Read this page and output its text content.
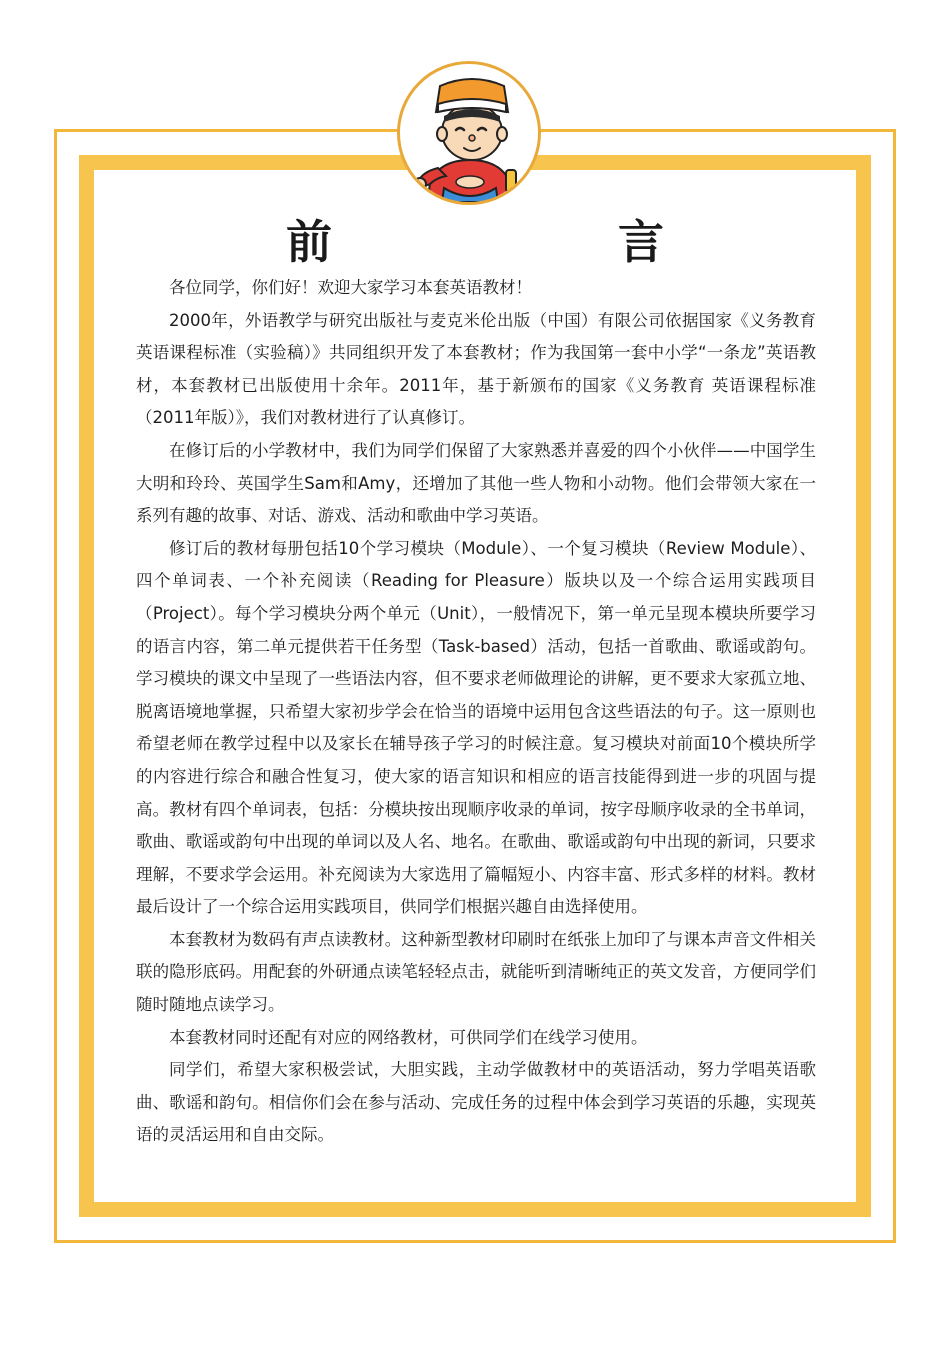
前　言

各位同学，你们好！欢迎大家学习本套英语教材！

2000年，外语教学与研究出版社与麦克米伦出版（中国）有限公司依据国家《义务教育 英语课程标准（实验稿）》共同组织开发了本套教材；作为我国第一套中小学“一条龙”英语教材，本套教材已出版使用十余年。2011年，基于新颁布的国家《义务教育 英语课程标准（2011年版）》，我们对教材进行了认真修订。

在修订后的小学教材中，我们为同学们保留了大家熟悉并喜爱的四个小伙伴——中国学生大明和玲玲、英国学生Sam和Amy，还增加了其他一些人物和小动物。他们会带领大家在一系列有趣的故事、对话、游戏、活动和歌曲中学习英语。

修订后的教材每册包括10个学习模块（Module）、一个复习模块（Review Module）、四个单词表、一个补充阅读（Reading for Pleasure）版块以及一个综合运用实践项目（Project）。每个学习模块分两个单元（Unit），一般情况下，第一单元呈现本模块所要学习的语言内容，第二单元提供若干任务型（Task-based）活动，包括一首歌曲、歌谣或韵句。学习模块的课文中呈现了一些语法内容，但不要求老师做理论的讲解，更不要求大家孤立地、脱离语境地掌握，只希望大家初步学会在恰当的语境中运用包含这些语法的句子。这一原则也希望老师在教学过程中以及家长在辅导孩子学习的时候注意。复习模块对前面10个模块所学的内容进行综合和融合性复习，使大家的语言知识和相应的语言技能得到进一步的巩固与提高。教材有四个单词表，包括：分模块按出现顺序收录的单词，按字母顺序收录的全书单词，歌曲、歌谣或韵句中出现的单词以及人名、地名。在歌曲、歌谣或韵句中出现的新词，只要求理解，不要求学会运用。补充阅读为大家选用了篇幅短小、内容丰富、形式多样的材料。教材最后设计了一个综合运用实践项目，供同学们根据兴趣自由选择使用。

本套教材为数码有声点读教材。这种新型教材印刷时在纸张上加印了与课本声音文件相关联的隐形底码。用配套的外研通点读笔轻轻点击，就能听到清晰纯正的英文发音，方便同学们随时随地点读学习。

本套教材同时还配有对应的网络教材，可供同学们在线学习使用。

同学们，希望大家积极尝试，大胆实践，主动学做教材中的英语活动，努力学唱英语歌曲、歌谣和韵句。相信你们会在参与活动、完成任务的过程中体会到学习英语的乐趣，实现英语的灵活运用和自由交际。
